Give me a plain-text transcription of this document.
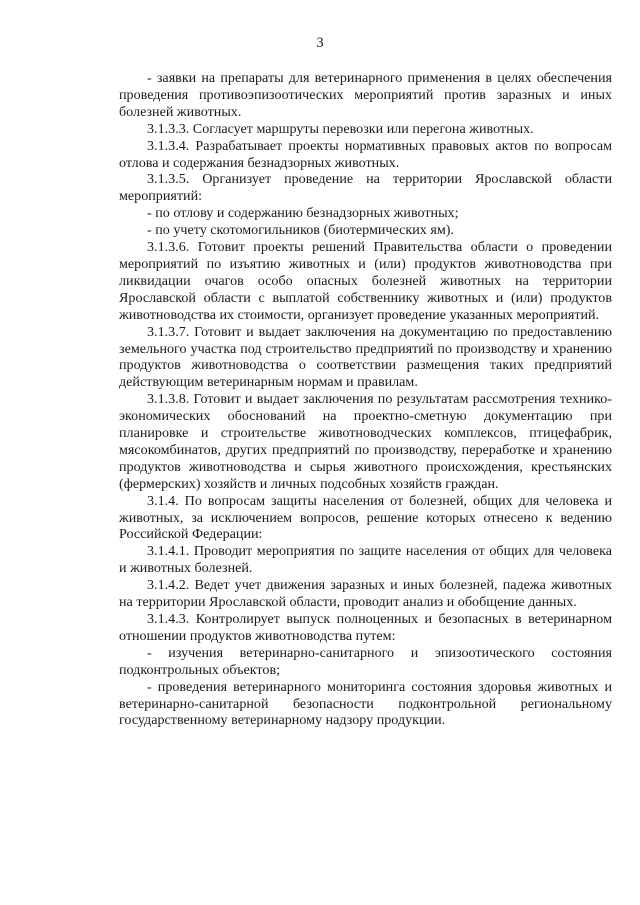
3

- заявки на препараты для ветеринарного применения в целях обеспечения проведения противоэпизоотических мероприятий против заразных и иных болезней животных.

3.1.3.3. Согласует маршруты перевозки или перегона животных.

3.1.3.4. Разрабатывает проекты нормативных правовых актов по вопросам отлова и содержания безнадзорных животных.

3.1.3.5. Организует проведение на территории Ярославской области мероприятий:

- по отлову и содержанию безнадзорных животных;

- по учету скотомогильников (биотермических ям).

3.1.3.6. Готовит проекты решений Правительства области о проведении мероприятий по изъятию животных и (или) продуктов животноводства при ликвидации очагов особо опасных болезней животных на территории Ярославской области с выплатой собственнику животных и (или) продуктов животноводства их стоимости, организует проведение указанных мероприятий.

3.1.3.7. Готовит и выдает заключения на документацию по предоставлению земельного участка под строительство предприятий по производству и хранению продуктов животноводства о соответствии размещения таких предприятий действующим ветеринарным нормам и правилам.

3.1.3.8. Готовит и выдает заключения по результатам рассмотрения технико-экономических обоснований на проектно-сметную документацию при планировке и строительстве животноводческих комплексов, птицефабрик, мясокомбинатов, других предприятий по производству, переработке и хранению продуктов животноводства и сырья животного происхождения, крестьянских (фермерских) хозяйств и личных подсобных хозяйств граждан.

3.1.4. По вопросам защиты населения от болезней, общих для человека и животных, за исключением вопросов, решение которых отнесено к ведению Российской Федерации:

3.1.4.1. Проводит мероприятия по защите населения от общих для человека и животных болезней.

3.1.4.2. Ведет учет движения заразных и иных болезней, падежа животных на территории Ярославской области, проводит анализ и обобщение данных.

3.1.4.3. Контролирует выпуск полноценных и безопасных в ветеринарном отношении продуктов животноводства путем:

- изучения ветеринарно-санитарного и эпизоотического состояния подконтрольных объектов;

- проведения ветеринарного мониторинга состояния здоровья животных и ветеринарно-санитарной безопасности подконтрольной региональному государственному ветеринарному надзору продукции.
